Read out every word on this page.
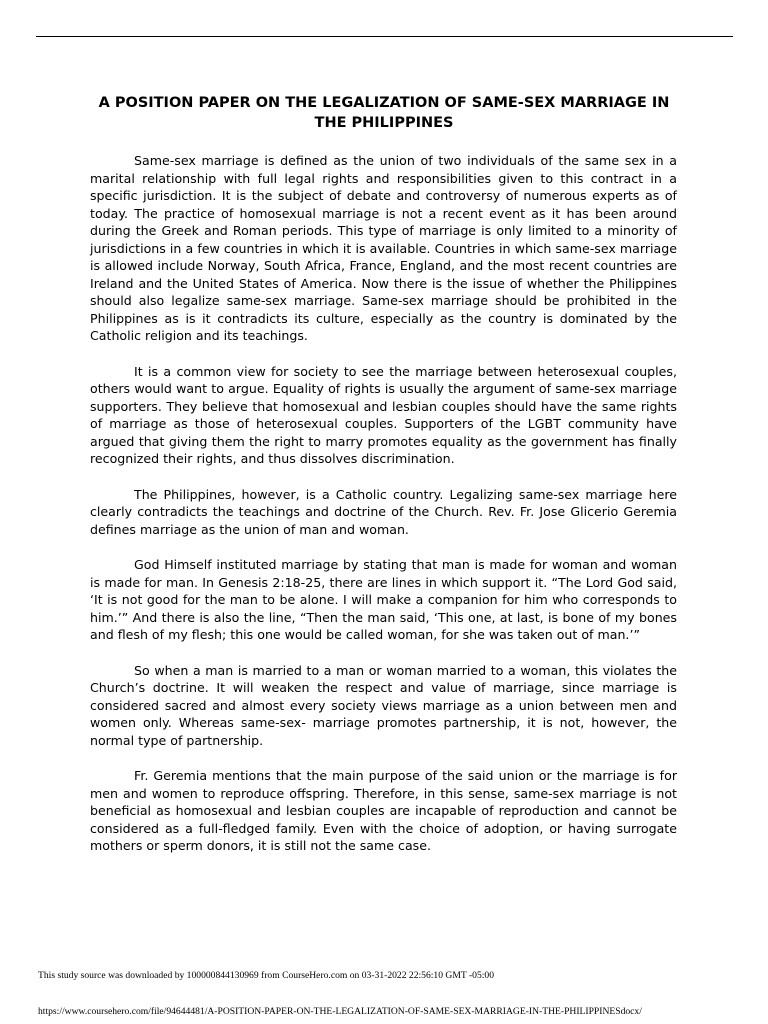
A POSITION PAPER ON THE LEGALIZATION OF SAME-SEX MARRIAGE IN THE PHILIPPINES

Same-sex marriage is defined as the union of two individuals of the same sex in a marital relationship with full legal rights and responsibilities given to this contract in a specific jurisdiction. It is the subject of debate and controversy of numerous experts as of today. The practice of homosexual marriage is not a recent event as it has been around during the Greek and Roman periods. This type of marriage is only limited to a minority of jurisdictions in a few countries in which it is available. Countries in which same-sex marriage is allowed include Norway, South Africa, France, England, and the most recent countries are Ireland and the United States of America. Now there is the issue of whether the Philippines should also legalize same-sex marriage. Same-sex marriage should be prohibited in the Philippines as is it contradicts its culture, especially as the country is dominated by the Catholic religion and its teachings.

It is a common view for society to see the marriage between heterosexual couples, others would want to argue. Equality of rights is usually the argument of same-sex marriage supporters. They believe that homosexual and lesbian couples should have the same rights of marriage as those of heterosexual couples. Supporters of the LGBT community have argued that giving them the right to marry promotes equality as the government has finally recognized their rights, and thus dissolves discrimination.

The Philippines, however, is a Catholic country. Legalizing same-sex marriage here clearly contradicts the teachings and doctrine of the Church. Rev. Fr. Jose Glicerio Geremia defines marriage as the union of man and woman.

God Himself instituted marriage by stating that man is made for woman and woman is made for man. In Genesis 2:18-25, there are lines in which support it. “The Lord God said, ‘It is not good for the man to be alone. I will make a companion for him who corresponds to him.’” And there is also the line, “Then the man said, ‘This one, at last, is bone of my bones and flesh of my flesh; this one would be called woman, for she was taken out of man.’”

So when a man is married to a man or woman married to a woman, this violates the Church’s doctrine. It will weaken the respect and value of marriage, since marriage is considered sacred and almost every society views marriage as a union between men and women only. Whereas same-sex- marriage promotes partnership, it is not, however, the normal type of partnership.

Fr. Geremia mentions that the main purpose of the said union or the marriage is for men and women to reproduce offspring. Therefore, in this sense, same-sex marriage is not beneficial as homosexual and lesbian couples are incapable of reproduction and cannot be considered as a full-fledged family. Even with the choice of adoption, or having surrogate mothers or sperm donors, it is still not the same case.

This study source was downloaded by 100000844130969 from CourseHero.com on 03-31-2022 22:56:10 GMT -05:00

https://www.coursehero.com/file/94644481/A-POSITION-PAPER-ON-THE-LEGALIZATION-OF-SAME-SEX-MARRIAGE-IN-THE-PHILIPPINESdocx/
